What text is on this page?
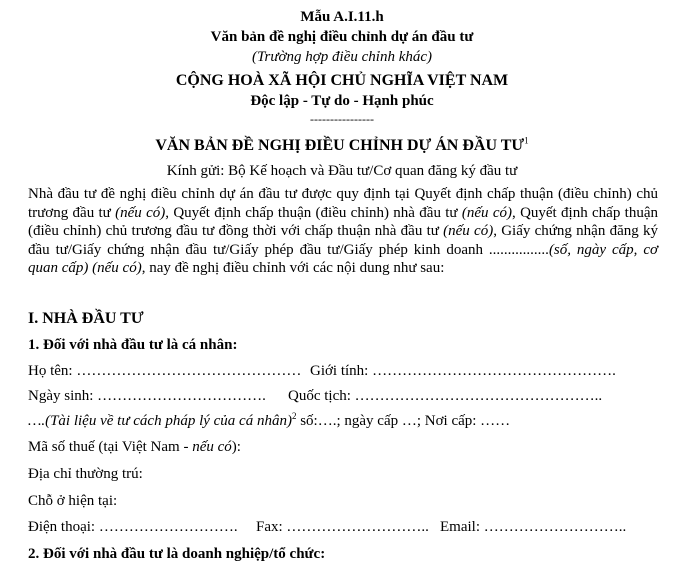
Mẫu A.I.11.h
Văn bản đề nghị điều chỉnh dự án đầu tư
(Trường hợp điều chỉnh khác)
CỘNG HOÀ XÃ HỘI CHỦ NGHĨA VIỆT NAM
Độc lập - Tự do - Hạnh phúc
----------------
VĂN BẢN ĐỀ NGHỊ ĐIỀU CHỈNH DỰ ÁN ĐẦU $TƯ^1$
Kính gửi: Bộ Kế hoạch và Đầu tư/Cơ quan đăng ký đầu tư
Nhà đầu tư đề nghị điều chỉnh dự án đầu tư được quy định tại Quyết định chấp thuận (điều chỉnh) chủ trương đầu tư (nếu có), Quyết định chấp thuận (điều chỉnh) nhà đầu tư (nếu có), Quyết định chấp thuận (điều chỉnh) chủ trương đầu tư đồng thời với chấp thuận nhà đầu tư (nếu có), Giấy chứng nhận đăng ký đầu tư/Giấy chứng nhận đầu tư/Giấy phép đầu tư/Giấy phép kinh doanh ................(số, ngày cấp, cơ quan cấp) (nếu có), nay đề nghị điều chỉnh với các nội dung như sau:
I. NHÀ ĐẦU TƯ
1. Đối với nhà đầu tư là cá nhân:
Họ tên: ……………………………………… Giới tính: ………………………………………….
Ngày sinh: ……………………………. Quốc tịch: …………………………………………..
….(Tài liệu về tư cách pháp lý của cá nhân)$^2$ số:….; ngày cấp …; Nơi cấp: ……
Mã số thuế (tại Việt Nam - nếu có):
Địa chỉ thường trú:
Chỗ ở hiện tại:
Điện thoại: ………………………. Fax: ……………………….. Email: ………………………..
2. Đối với nhà đầu tư là doanh nghiệp/tổ chức:
